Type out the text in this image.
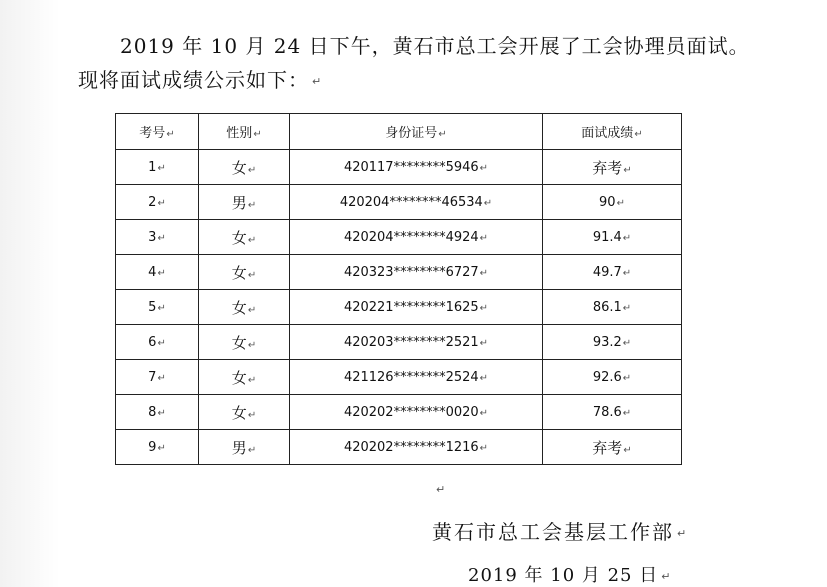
2019 年 10 月 24 日下午，黄石市总工会开展了工会协理员面试。
现将面试成绩公示如下： ↵
考号↵	性别↵	身份证号↵	面试成绩↵
1↵	女↵	420117********5946↵	弃考↵
2↵	男↵	420204********46534↵	90↵
3↵	女↵	420204********4924↵	91.4↵
4↵	女↵	420323********6727↵	49.7↵
5↵	女↵	420221********1625↵	86.1↵
6↵	女↵	420203********2521↵	93.2↵
7↵	女↵	421126********2524↵	92.6↵
8↵	女↵	420202********0020↵	78.6↵
9↵	男↵	420202********1216↵	弃考↵
↵
黄石市总工会基层工作部 ↵
2019 年 10 月 25 日 ↵
